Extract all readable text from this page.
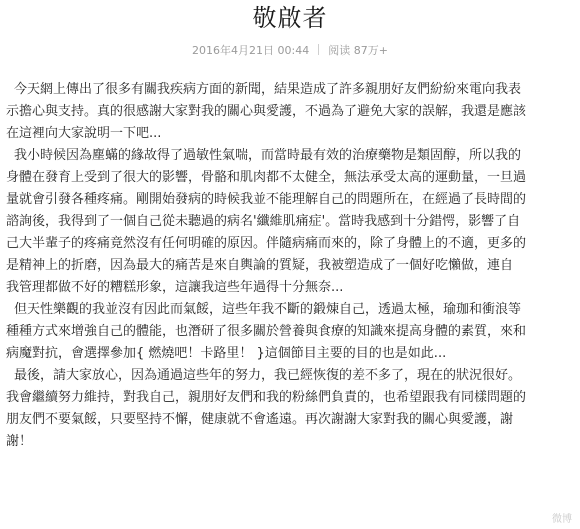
敬啟者
2016年4月21日 00:44 阅读 87万+
今天網上傳出了很多有關我疾病方面的新聞，結果造成了許多親朋好友們紛紛來電向我表
示擔心與支持。真的很感謝大家對我的關心與愛護，不過為了避免大家的誤解，我還是應該
在這裡向大家說明一下吧...
我小時候因為塵蟎的緣故得了過敏性氣喘，而當時最有效的治療藥物是類固醇，所以我的
身體在發育上受到了很大的影響，骨骼和肌肉都不太健全，無法承受太高的運動量，一旦過
量就會引發各種疼痛。剛開始發病的時候我並不能理解自己的問題所在，在經過了長時間的
諮詢後，我得到了一個自己從未聽過的病名'纖維肌痛症'。當時我感到十分錯愕，影響了自
己大半輩子的疼痛竟然沒有任何明確的原因。伴隨病痛而來的，除了身體上的不適，更多的
是精神上的折磨，因為最大的痛苦是來自輿論的質疑，我被塑造成了一個好吃懶做，連自
我管理都做不好的糟糕形象，這讓我這些年過得十分無奈...
但天性樂觀的我並沒有因此而氣餒，這些年我不斷的鍛煉自己，透過太極，瑜珈和衝浪等
種種方式來增強自己的體能，也潛研了很多關於營養與食療的知識來提高身體的素質，來和
病魔對抗，會選擇參加{ 燃燒吧！卡路里！ }這個節目主要的目的也是如此...
最後，請大家放心，因為通過這些年的努力，我已經恢復的差不多了，現在的狀況很好。
我會繼續努力維持，對我自己，親朋好友們和我的粉絲們負責的，也希望跟我有同樣問題的
朋友們不要氣餒，只要堅持不懈，健康就不會遙遠。再次謝謝大家對我的關心與愛護，謝
謝！
微博
